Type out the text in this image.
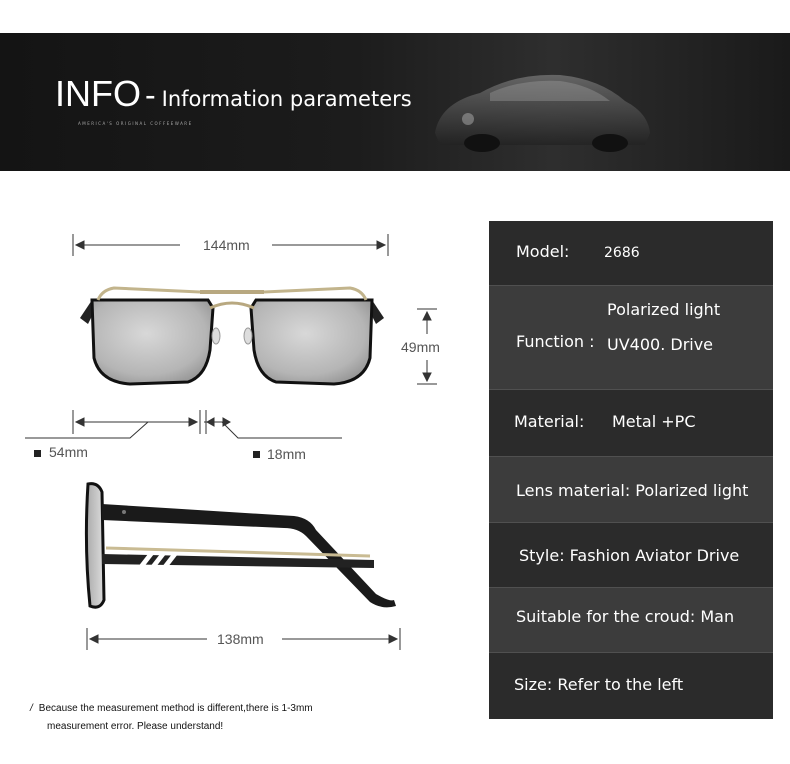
INFO - Information parameters
AMERICA'S ORIGINAL COFFEEWARE
144mm
49mm
54mm	18mm
138mm
/ Because the measurement method is different,there is 1-3mm
measurement error. Please understand!
Model: 2686
Polarized light
Function : UV400. Drive
Material: Metal +PC
Lens material: Polarized light
Style: Fashion Aviator Drive
Suitable for the croud: Man
Size: Refer to the left
